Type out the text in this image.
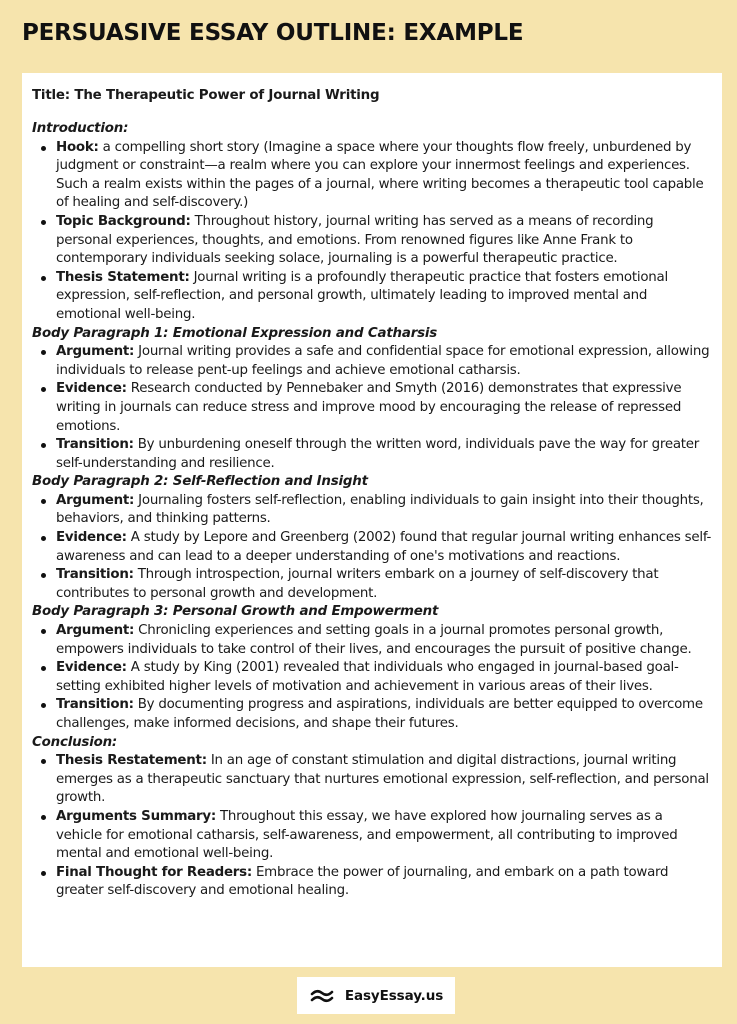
PERSUASIVE ESSAY OUTLINE: EXAMPLE
Title: The Therapeutic Power of Journal Writing
Introduction:
Hook: a compelling short story (Imagine a space where your thoughts flow freely, unburdened by judgment or constraint—a realm where you can explore your innermost feelings and experiences. Such a realm exists within the pages of a journal, where writing becomes a therapeutic tool capable of healing and self-discovery.)
Topic Background: Throughout history, journal writing has served as a means of recording personal experiences, thoughts, and emotions. From renowned figures like Anne Frank to contemporary individuals seeking solace, journaling is a powerful therapeutic practice.
Thesis Statement: Journal writing is a profoundly therapeutic practice that fosters emotional expression, self-reflection, and personal growth, ultimately leading to improved mental and emotional well-being.
Body Paragraph 1: Emotional Expression and Catharsis
Argument: Journal writing provides a safe and confidential space for emotional expression, allowing individuals to release pent-up feelings and achieve emotional catharsis.
Evidence: Research conducted by Pennebaker and Smyth (2016) demonstrates that expressive writing in journals can reduce stress and improve mood by encouraging the release of repressed emotions.
Transition: By unburdening oneself through the written word, individuals pave the way for greater self-understanding and resilience.
Body Paragraph 2: Self-Reflection and Insight
Argument: Journaling fosters self-reflection, enabling individuals to gain insight into their thoughts, behaviors, and thinking patterns.
Evidence: A study by Lepore and Greenberg (2002) found that regular journal writing enhances self-awareness and can lead to a deeper understanding of one's motivations and reactions.
Transition: Through introspection, journal writers embark on a journey of self-discovery that contributes to personal growth and development.
Body Paragraph 3: Personal Growth and Empowerment
Argument: Chronicling experiences and setting goals in a journal promotes personal growth, empowers individuals to take control of their lives, and encourages the pursuit of positive change.
Evidence: A study by King (2001) revealed that individuals who engaged in journal-based goal-setting exhibited higher levels of motivation and achievement in various areas of their lives.
Transition: By documenting progress and aspirations, individuals are better equipped to overcome challenges, make informed decisions, and shape their futures.
Conclusion:
Thesis Restatement: In an age of constant stimulation and digital distractions, journal writing emerges as a therapeutic sanctuary that nurtures emotional expression, self-reflection, and personal growth.
Arguments Summary: Throughout this essay, we have explored how journaling serves as a vehicle for emotional catharsis, self-awareness, and empowerment, all contributing to improved mental and emotional well-being.
Final Thought for Readers: Embrace the power of journaling, and embark on a path toward greater self-discovery and emotional healing.
EasyEssay.us
